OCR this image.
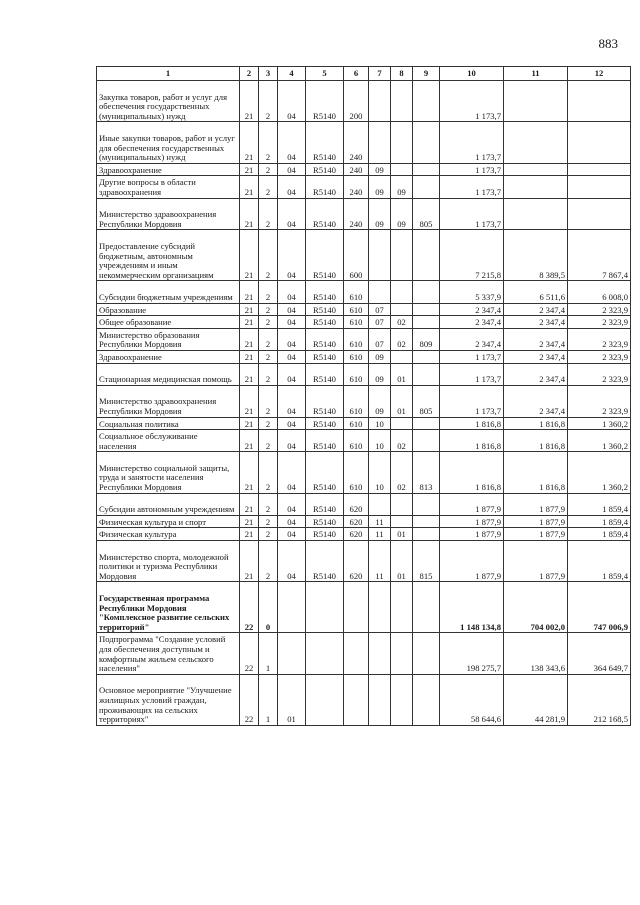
883
1	2	3	4	5	6	7	8	9	10	11	12
Закупка товаров, работ и услуг для обеспечения государственных (муниципальных) нужд	21	2	04	R5140	200				1 173,7		
Иные закупки товаров, работ и услуг для обеспечения государственных (муниципальных) нужд	21	2	04	R5140	240				1 173,7		
Здравоохранение	21	2	04	R5140	240	09			1 173,7		
Другие вопросы в области здравоохранения	21	2	04	R5140	240	09	09		1 173,7		
Министерство здравоохранения Республики Мордовия	21	2	04	R5140	240	09	09	805	1 173,7		
Предоставление субсидий бюджетным, автономным учреждениям и иным некоммерческим организациям	21	2	04	R5140	600				7 215,8	8 389,5	7 867,4
Субсидии бюджетным учреждениям	21	2	04	R5140	610				5 337,9	6 511,6	6 008,0
Образование	21	2	04	R5140	610	07			2 347,4	2 347,4	2 323,9
Общее образование	21	2	04	R5140	610	07	02		2 347,4	2 347,4	2 323,9
Министерство образования Республики Мордовия	21	2	04	R5140	610	07	02	809	2 347,4	2 347,4	2 323,9
Здравоохранение	21	2	04	R5140	610	09			1 173,7	2 347,4	2 323,9
Стационарная медицинская помощь	21	2	04	R5140	610	09	01		1 173,7	2 347,4	2 323,9
Министерство здравоохранения Республики Мордовия	21	2	04	R5140	610	09	01	805	1 173,7	2 347,4	2 323,9
Социальная политика	21	2	04	R5140	610	10			1 816,8	1 816,8	1 360,2
Социальное обслуживание населения	21	2	04	R5140	610	10	02		1 816,8	1 816,8	1 360,2
Министерство социальной защиты, труда и занятости населения Республики Мордовия	21	2	04	R5140	610	10	02	813	1 816,8	1 816,8	1 360,2
Субсидии автономным учреждениям	21	2	04	R5140	620				1 877,9	1 877,9	1 859,4
Физическая культура и спорт	21	2	04	R5140	620	11			1 877,9	1 877,9	1 859,4
Физическая культура	21	2	04	R5140	620	11	01		1 877,9	1 877,9	1 859,4
Министерство спорта, молодежной политики и туризма Республики Мордовия	21	2	04	R5140	620	11	01	815	1 877,9	1 877,9	1 859,4
Государственная программа Республики Мордовия "Комплексное развитие сельских территорий"	22	0							1 148 134,8	704 002,0	747 006,9
Подпрограмма "Создание условий для обеспечения доступным и комфортным жильем сельского населения"	22	1							198 275,7	138 343,6	364 649,7
Основное мероприятие "Улучшение жилищных условий граждан, проживающих на сельских территориях"	22	1	01						58 644,6	44 281,9	212 168,5
